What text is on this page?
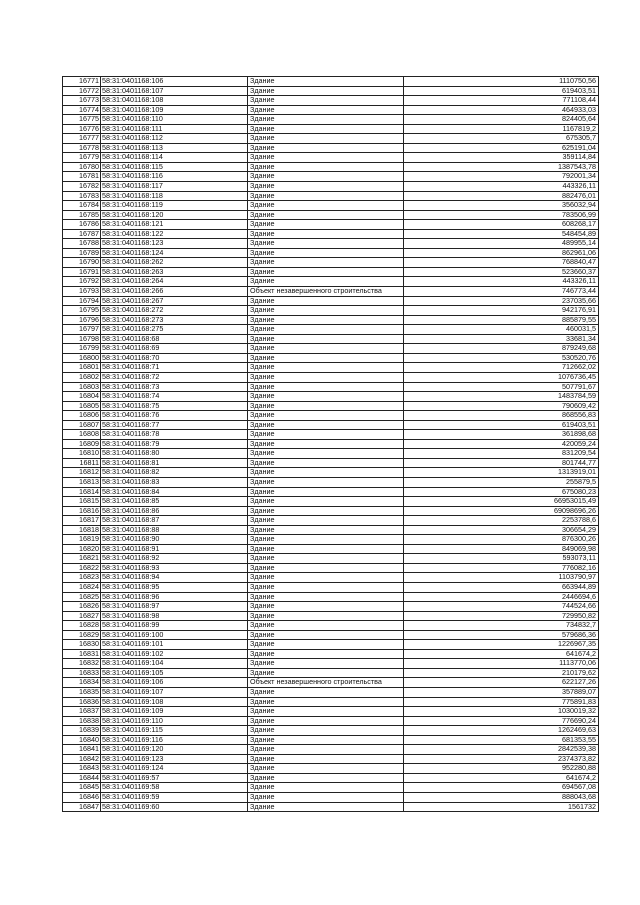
16771	58:31:0401168:106	Здание	1110750,56
16772	58:31:0401168:107	Здание	619403,51
16773	58:31:0401168:108	Здание	771108,44
16774	58:31:0401168:109	Здание	464933,03
16775	58:31:0401168:110	Здание	824405,64
16776	58:31:0401168:111	Здание	1167819,2
16777	58:31:0401168:112	Здание	675305,7
16778	58:31:0401168:113	Здание	625191,04
16779	58:31:0401168:114	Здание	359114,84
16780	58:31:0401168:115	Здание	1387543,78
16781	58:31:0401168:116	Здание	792001,34
16782	58:31:0401168:117	Здание	443326,11
16783	58:31:0401168:118	Здание	882476,01
16784	58:31:0401168:119	Здание	356032,94
16785	58:31:0401168:120	Здание	783506,99
16786	58:31:0401168:121	Здание	608268,17
16787	58:31:0401168:122	Здание	548454,89
16788	58:31:0401168:123	Здание	489955,14
16789	58:31:0401168:124	Здание	862961,06
16790	58:31:0401168:262	Здание	768840,47
16791	58:31:0401168:263	Здание	523660,37
16792	58:31:0401168:264	Здание	443326,11
16793	58:31:0401168:266	Объект незавершенного строительства	746773,44
16794	58:31:0401168:267	Здание	237035,66
16795	58:31:0401168:272	Здание	942176,91
16796	58:31:0401168:273	Здание	885879,55
16797	58:31:0401168:275	Здание	460031,5
16798	58:31:0401168:68	Здание	33681,34
16799	58:31:0401168:69	Здание	879249,68
16800	58:31:0401168:70	Здание	530520,76
16801	58:31:0401168:71	Здание	712662,02
16802	58:31:0401168:72	Здание	1076736,45
16803	58:31:0401168:73	Здание	507791,67
16804	58:31:0401168:74	Здание	1483784,59
16805	58:31:0401168:75	Здание	790609,42
16806	58:31:0401168:76	Здание	868556,83
16807	58:31:0401168:77	Здание	619403,51
16808	58:31:0401168:78	Здание	361898,68
16809	58:31:0401168:79	Здание	420059,24
16810	58:31:0401168:80	Здание	831209,54
16811	58:31:0401168:81	Здание	801744,77
16812	58:31:0401168:82	Здание	1313919,01
16813	58:31:0401168:83	Здание	255879,5
16814	58:31:0401168:84	Здание	675080,23
16815	58:31:0401168:85	Здание	66953015,49
16816	58:31:0401168:86	Здание	69098696,26
16817	58:31:0401168:87	Здание	2253788,6
16818	58:31:0401168:88	Здание	306654,29
16819	58:31:0401168:90	Здание	876300,26
16820	58:31:0401168:91	Здание	849069,98
16821	58:31:0401168:92	Здание	593073,11
16822	58:31:0401168:93	Здание	776082,16
16823	58:31:0401168:94	Здание	1103790,97
16824	58:31:0401168:95	Здание	663944,89
16825	58:31:0401168:96	Здание	2446694,6
16826	58:31:0401168:97	Здание	744524,66
16827	58:31:0401168:98	Здание	729950,82
16828	58:31:0401168:99	Здание	734832,7
16829	58:31:0401169:100	Здание	579686,36
16830	58:31:0401169:101	Здание	1226967,35
16831	58:31:0401169:102	Здание	641674,2
16832	58:31:0401169:104	Здание	1113770,06
16833	58:31:0401169:105	Здание	210179,62
16834	58:31:0401169:106	Объект незавершенного строительства	622127,26
16835	58:31:0401169:107	Здание	357889,07
16836	58:31:0401169:108	Здание	775891,83
16837	58:31:0401169:109	Здание	1030019,32
16838	58:31:0401169:110	Здание	776690,24
16839	58:31:0401169:115	Здание	1262469,63
16840	58:31:0401169:116	Здание	681353,55
16841	58:31:0401169:120	Здание	2842539,38
16842	58:31:0401169:123	Здание	2374373,82
16843	58:31:0401169:124	Здание	952280,88
16844	58:31:0401169:57	Здание	641674,2
16845	58:31:0401169:58	Здание	694567,08
16846	58:31:0401169:59	Здание	888043,68
16847	58:31:0401169:60	Здание	1561732
